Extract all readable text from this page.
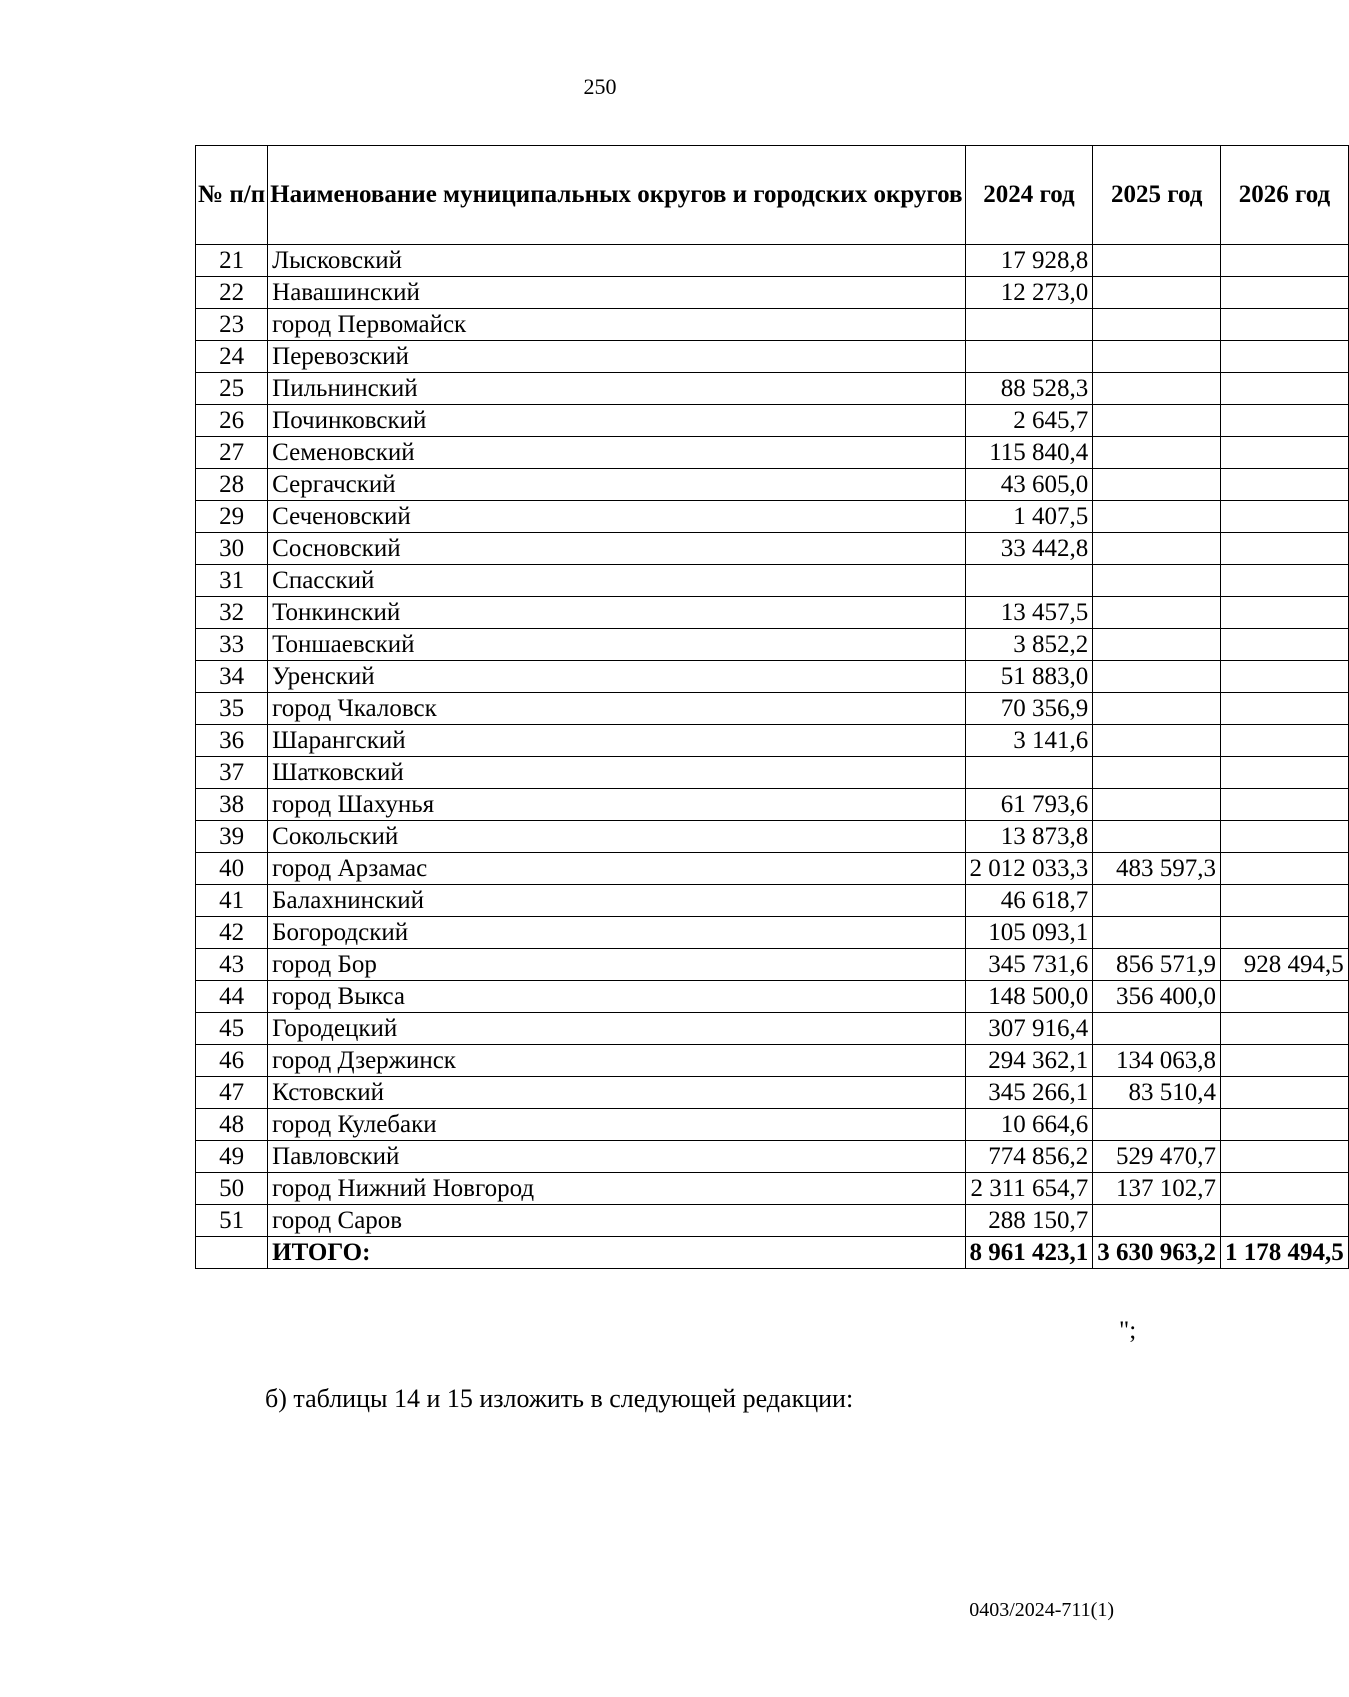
250
№ п/п	Наименование муниципальных округов и городских округов	2024 год	2025 год	2026 год
21	Лысковский	17 928,8		
22	Навашинский	12 273,0		
23	город Первомайск			
24	Перевозский			
25	Пильнинский	88 528,3		
26	Починковский	2 645,7		
27	Семеновский	115 840,4		
28	Сергачский	43 605,0		
29	Сеченовский	1 407,5		
30	Сосновский	33 442,8		
31	Спасский			
32	Тонкинский	13 457,5		
33	Тоншаевский	3 852,2		
34	Уренский	51 883,0		
35	город Чкаловск	70 356,9		
36	Шарангский	3 141,6		
37	Шатковский			
38	город Шахунья	61 793,6		
39	Сокольский	13 873,8		
40	город Арзамас	2 012 033,3	483 597,3	
41	Балахнинский	46 618,7		
42	Богородский	105 093,1		
43	город Бор	345 731,6	856 571,9	928 494,5
44	город Выкса	148 500,0	356 400,0	
45	Городецкий	307 916,4		
46	город Дзержинск	294 362,1	134 063,8	
47	Кстовский	345 266,1	83 510,4	
48	город Кулебаки	10 664,6		
49	Павловский	774 856,2	529 470,7	
50	город Нижний Новгород	2 311 654,7	137 102,7	
51	город Саров	288 150,7		
	ИТОГО:	8 961 423,1	3 630 963,2	1 178 494,5
";
б) таблицы 14 и 15 изложить в следующей редакции:
0403/2024-711(1)
